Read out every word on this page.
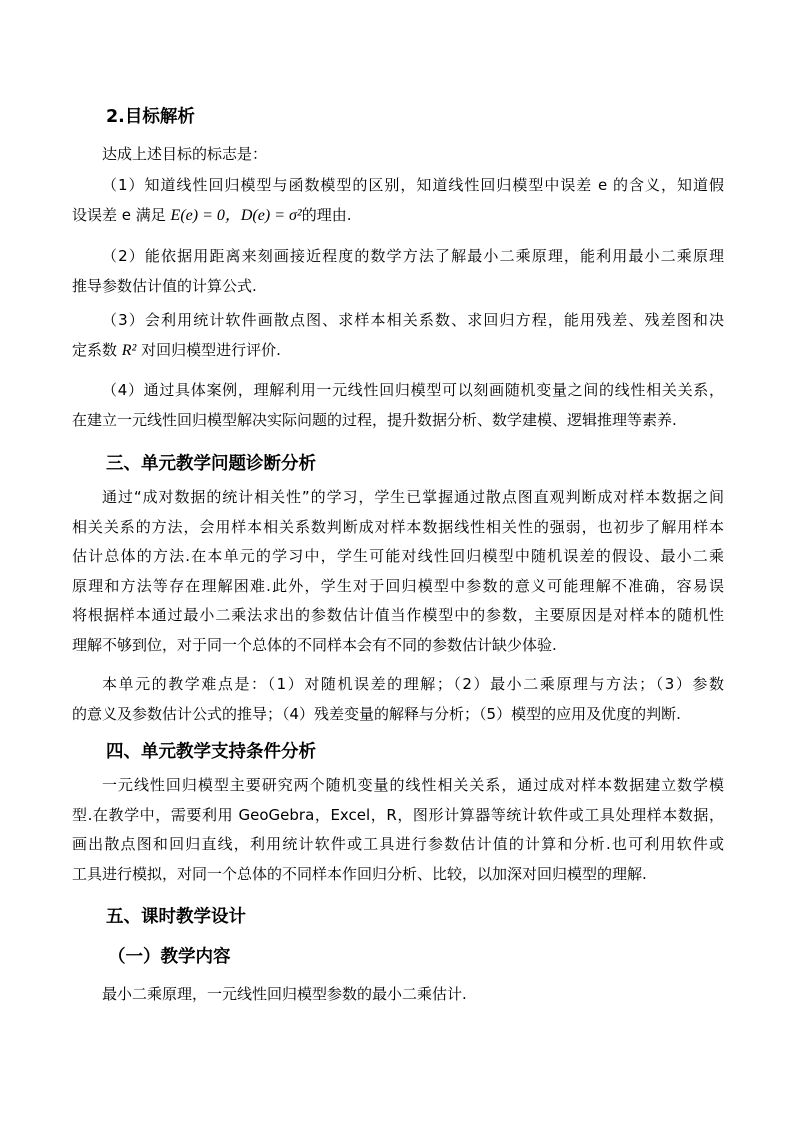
2.目标解析
达成上述目标的标志是：
（1）知道线性回归模型与函数模型的区别，知道线性回归模型中误差 e 的含义，知道假
设误差 e 满足 E(e) = 0，D(e) = σ²的理由.
（2）能依据用距离来刻画接近程度的数学方法了解最小二乘原理，能利用最小二乘原理
推导参数估计值的计算公式.
（3）会利用统计软件画散点图、求样本相关系数、求回归方程，能用残差、残差图和决
定系数 R² 对回归模型进行评价.
（4）通过具体案例，理解利用一元线性回归模型可以刻画随机变量之间的线性相关关系，
在建立一元线性回归模型解决实际问题的过程，提升数据分析、数学建模、逻辑推理等素养.
三、单元教学问题诊断分析
通过“成对数据的统计相关性”的学习，学生已掌握通过散点图直观判断成对样本数据之间
相关关系的方法，会用样本相关系数判断成对样本数据线性相关性的强弱，也初步了解用样本
估计总体的方法.在本单元的学习中，学生可能对线性回归模型中随机误差的假设、最小二乘
原理和方法等存在理解困难.此外，学生对于回归模型中参数的意义可能理解不准确，容易误
将根据样本通过最小二乘法求出的参数估计值当作模型中的参数，主要原因是对样本的随机性
理解不够到位，对于同一个总体的不同样本会有不同的参数估计缺少体验.
本单元的教学难点是：（1）对随机误差的理解；（2）最小二乘原理与方法；（3）参数
的意义及参数估计公式的推导；（4）残差变量的解释与分析；（5）模型的应用及优度的判断.
四、单元教学支持条件分析
一元线性回归模型主要研究两个随机变量的线性相关关系，通过成对样本数据建立数学模
型.在教学中，需要利用 GeoGebra，Excel，R，图形计算器等统计软件或工具处理样本数据，
画出散点图和回归直线，利用统计软件或工具进行参数估计值的计算和分析.也可利用软件或
工具进行模拟，对同一个总体的不同样本作回归分析、比较，以加深对回归模型的理解.
五、课时教学设计
（一）教学内容
最小二乘原理，一元线性回归模型参数的最小二乘估计.
